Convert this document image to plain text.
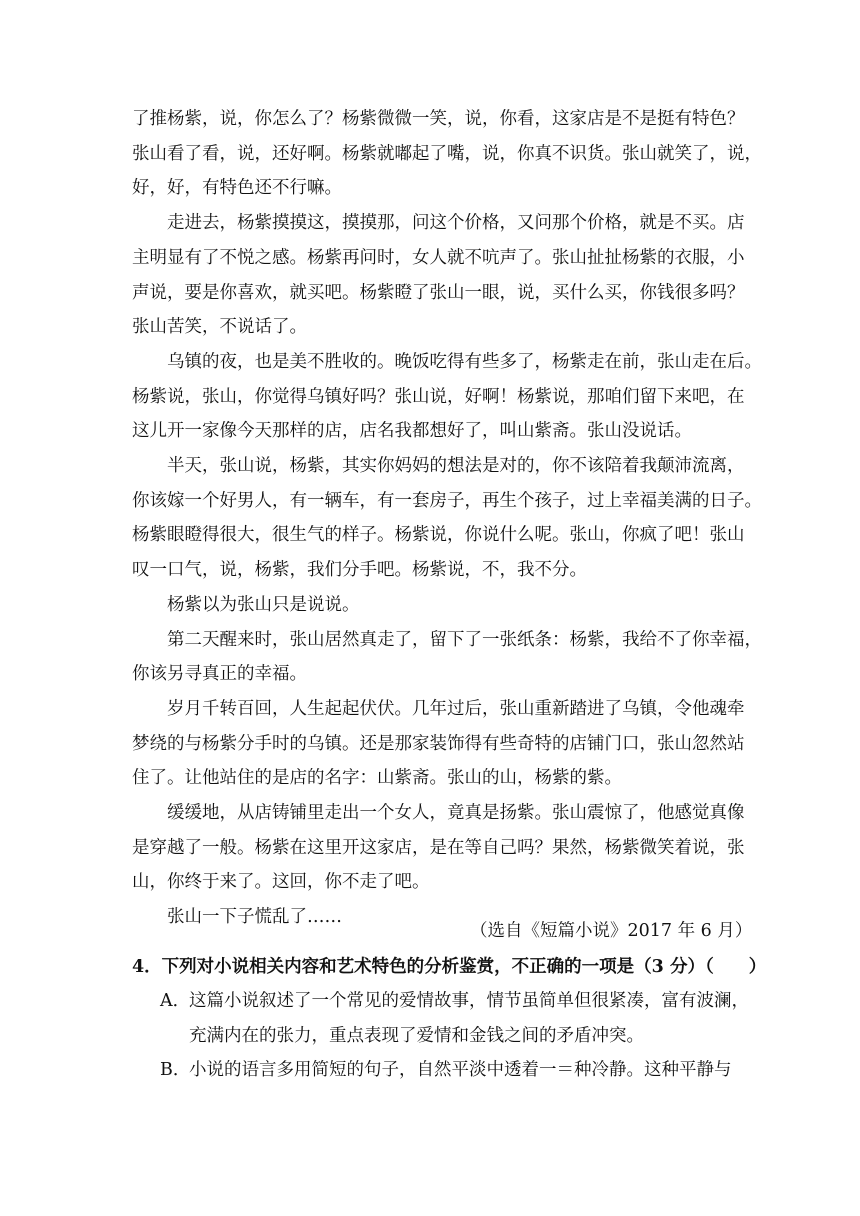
了推杨紫，说，你怎么了？杨紫微微一笑，说，你看，这家店是不是挺有特色？
张山看了看，说，还好啊。杨紫就嘟起了嘴，说，你真不识货。张山就笑了，说，
好，好，有特色还不行嘛。
　　走进去，杨紫摸摸这，摸摸那，问这个价格，又问那个价格，就是不买。店
主明显有了不悦之感。杨紫再问时，女人就不吭声了。张山扯扯杨紫的衣服，小
声说，要是你喜欢，就买吧。杨紫瞪了张山一眼，说，买什么买，你钱很多吗？
张山苦笑，不说话了。
　　乌镇的夜，也是美不胜收的。晚饭吃得有些多了，杨紫走在前，张山走在后。
杨紫说，张山，你觉得乌镇好吗？张山说，好啊！杨紫说，那咱们留下来吧，在
这儿开一家像今天那样的店，店名我都想好了，叫山紫斋。张山没说话。
　　半天，张山说，杨紫，其实你妈妈的想法是对的，你不该陪着我颠沛流离，
你该嫁一个好男人，有一辆车，有一套房子，再生个孩子，过上幸福美满的日子。
杨紫眼瞪得很大，很生气的样子。杨紫说，你说什么呢。张山，你疯了吧！张山
叹一口气，说，杨紫，我们分手吧。杨紫说，不，我不分。
　　杨紫以为张山只是说说。
　　第二天醒来时，张山居然真走了，留下了一张纸条：杨紫，我给不了你幸福，
你该另寻真正的幸福。
　　岁月千转百回，人生起起伏伏。几年过后，张山重新踏进了乌镇，令他魂牵
梦绕的与杨紫分手时的乌镇。还是那家装饰得有些奇特的店铺门口，张山忽然站
住了。让他站住的是店的名字：山紫斋。张山的山，杨紫的紫。
　　缓缓地，从店铸铺里走出一个女人，竟真是扬紫。张山震惊了，他感觉真像
是穿越了一般。杨紫在这里开这家店，是在等自己吗？果然，杨紫微笑着说，张
山，你终于来了。这回，你不走了吧。
　　张山一下子慌乱了……
（选自《短篇小说》2017 年 6 月）
4．下列对小说相关内容和艺术特色的分析鉴赏，不正确的一项是（3 分）（　　）
A．
这篇小说叙述了一个常见的爱情故事，情节虽简单但很紧凑，富有波澜，
充满内在的张力，重点表现了爱情和金钱之间的矛盾冲突。
B．
小说的语言多用简短的句子，自然平淡中透着一＝种冷静。这种平静与
